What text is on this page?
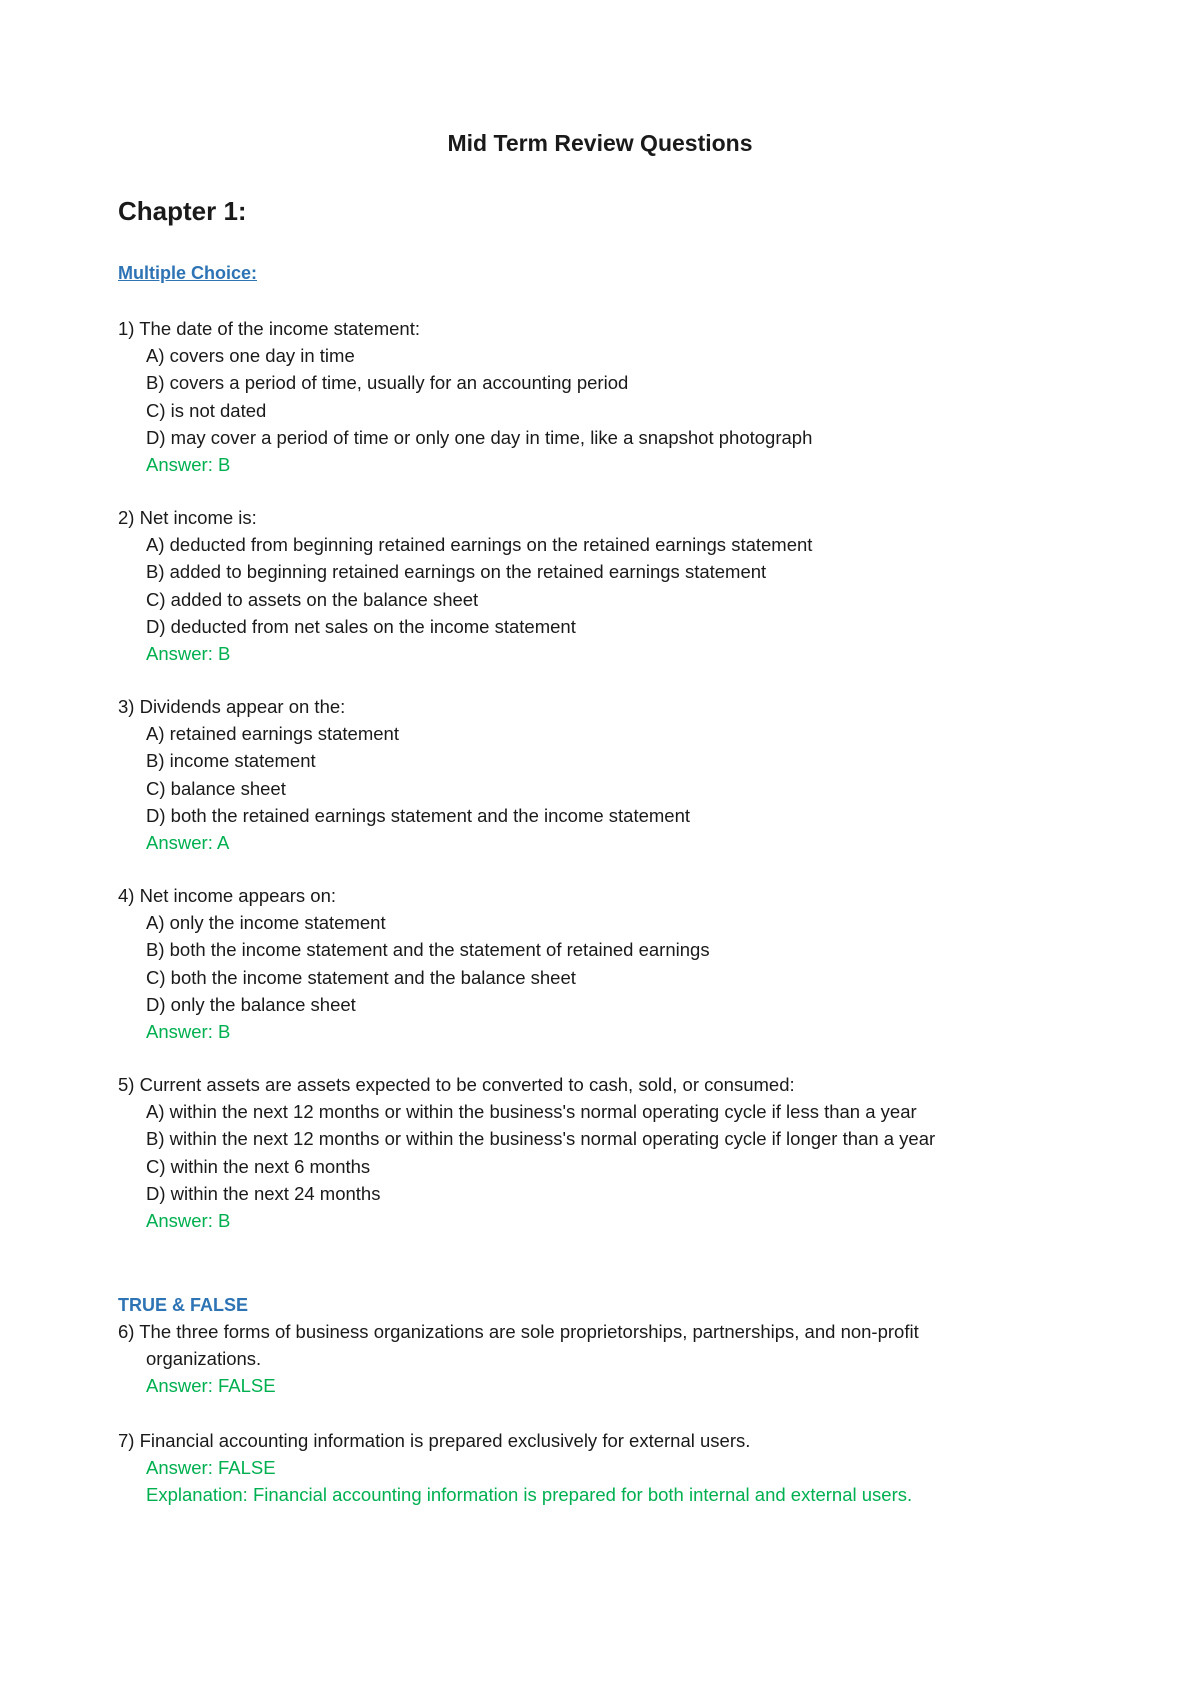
Mid Term Review Questions
Chapter 1:
Multiple Choice:
1) The date of the income statement:
A) covers one day in time
B) covers a period of time, usually for an accounting period
C) is not dated
D) may cover a period of time or only one day in time, like a snapshot photograph
Answer: B
2) Net income is:
A) deducted from beginning retained earnings on the retained earnings statement
B) added to beginning retained earnings on the retained earnings statement
C) added to assets on the balance sheet
D) deducted from net sales on the income statement
Answer: B
3) Dividends appear on the:
A) retained earnings statement
B) income statement
C) balance sheet
D) both the retained earnings statement and the income statement
Answer: A
4) Net income appears on:
A) only the income statement
B) both the income statement and the statement of retained earnings
C) both the income statement and the balance sheet
D) only the balance sheet
Answer: B
5) Current assets are assets expected to be converted to cash, sold, or consumed:
A) within the next 12 months or within the business's normal operating cycle if less than a year
B) within the next 12 months or within the business's normal operating cycle if longer than a year
C) within the next 6 months
D) within the next 24 months
Answer: B
TRUE & FALSE
6) The three forms of business organizations are sole proprietorships, partnerships, and non-profit
organizations.
Answer: FALSE
7) Financial accounting information is prepared exclusively for external users.
Answer: FALSE
Explanation: Financial accounting information is prepared for both internal and external users.
